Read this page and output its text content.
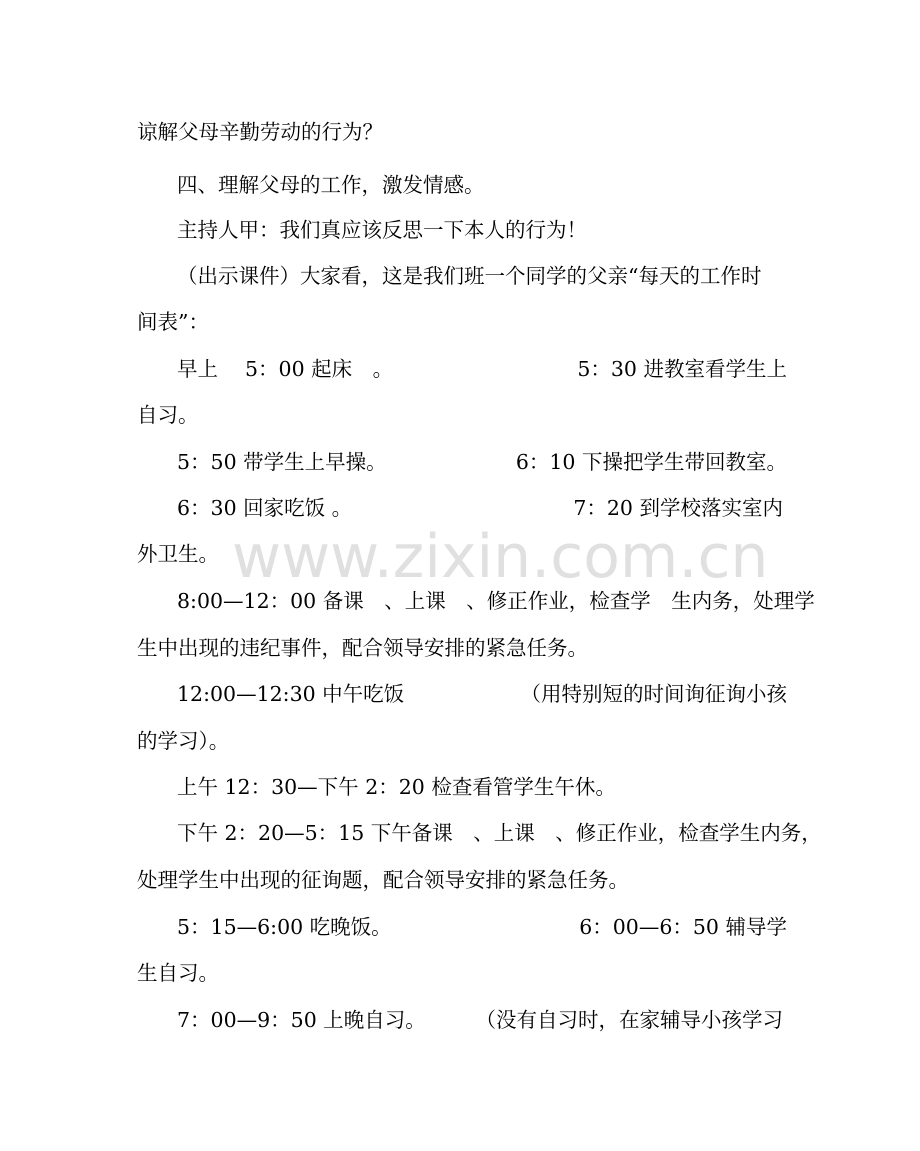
谅解父母辛勤劳动的行为？
四、理解父母的工作，激发情感。
主持人甲：我们真应该反思一下本人的行为！
（出示课件）大家看，这是我们班一个同学的父亲“每天的工作时
间表”：
早上　 5：00 起床　。	5：30 进教室看学生上
自习。
5：50 带学生上早操。	6：10 下操把学生带回教室。
6：30 回家吃饭 。	7：20 到学校落实室内
外卫生。
8:00—12：00 备课　、上课　、修正作业，检查学　生内务，处理学
生中出现的违纪事件，配合领导安排的紧急任务。
12:00—12:30 中午吃饭	（用特别短的时间询征询小孩
的学习）。
上午 12：30—下午 2：20 检查看管学生午休。
下午 2：20—5：15 下午备课　、上课　、修正作业，检查学生内务，
处理学生中出现的征询题，配合领导安排的紧急任务。
5：15—6:00 吃晚饭。	6：00—6：50 辅导学
生自习。
7：00—9：50 上晚自习。 （没有自习时，在家辅导小孩学习
www.zixin.com.cn
